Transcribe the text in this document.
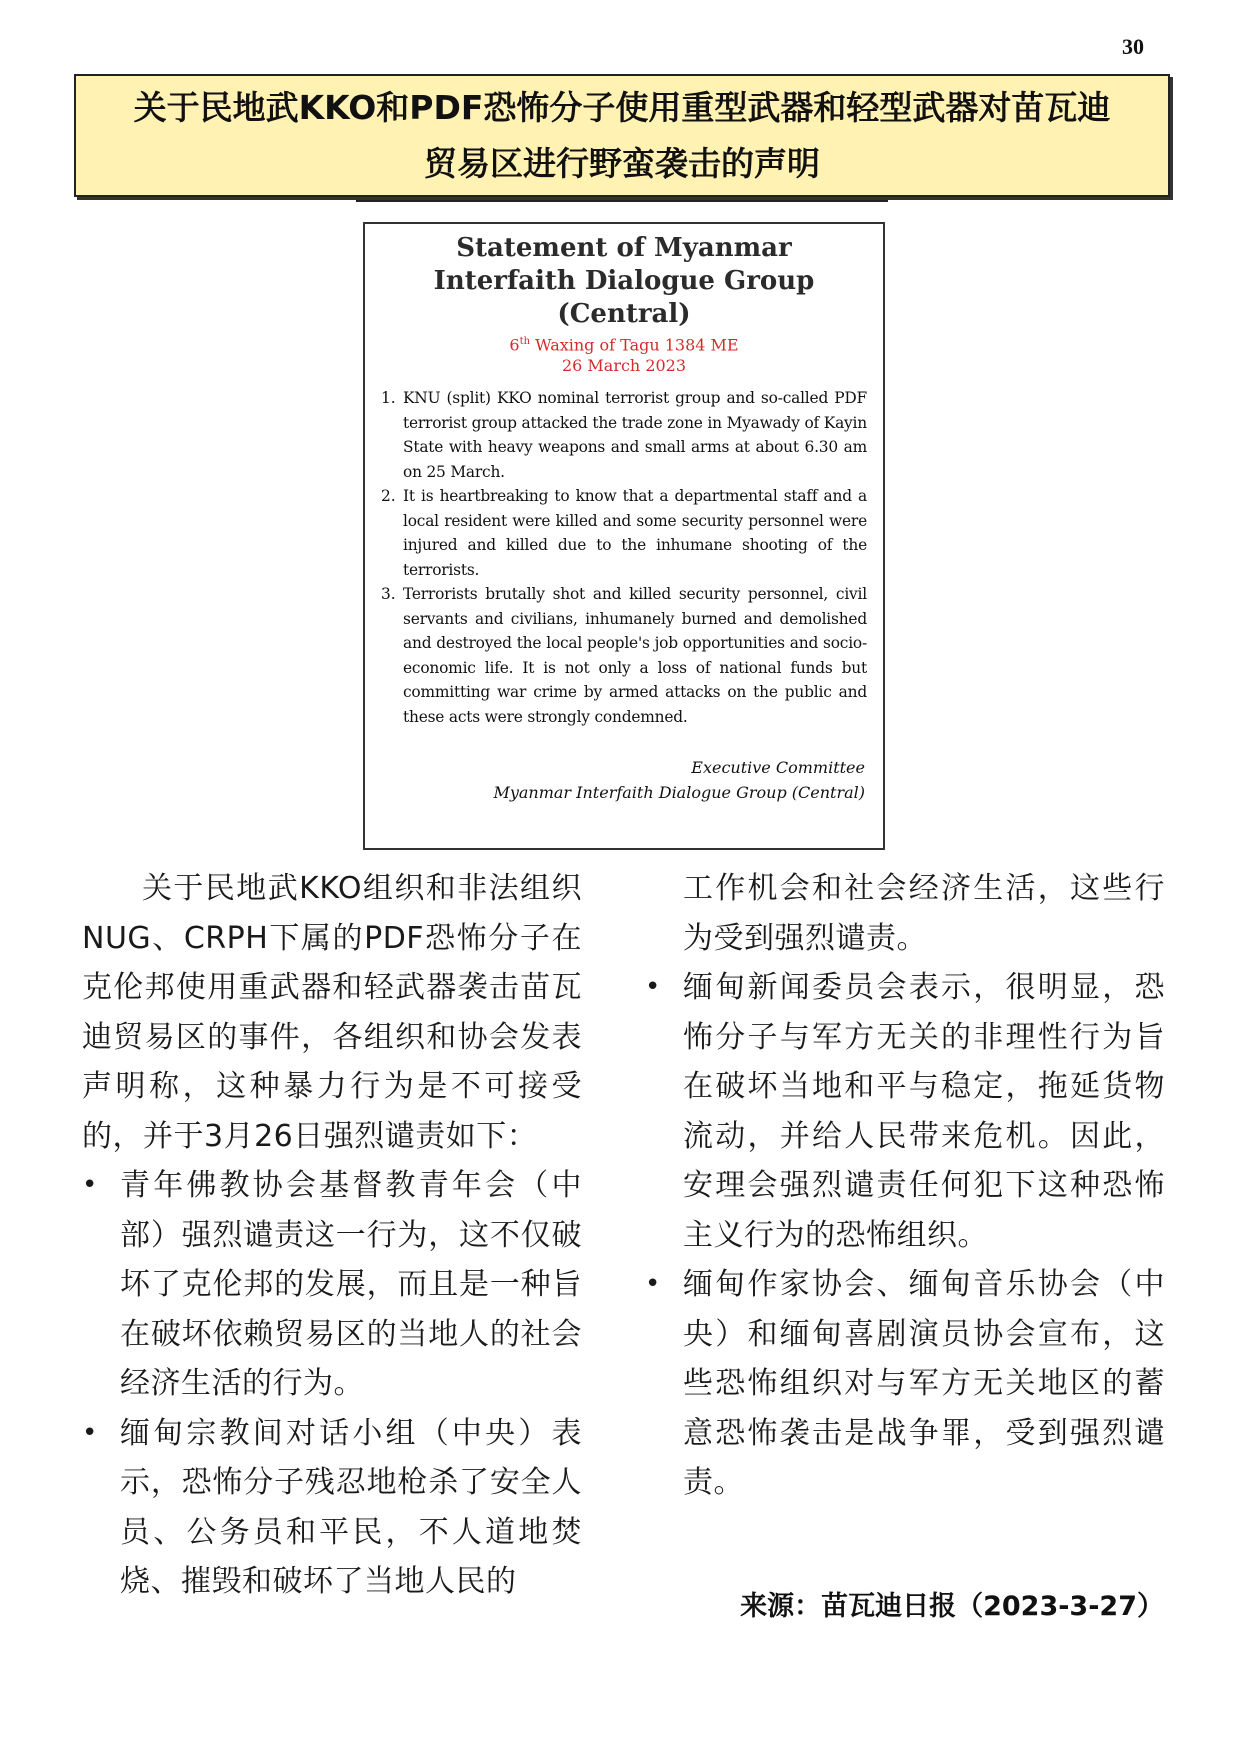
30
关于民地武KKO和PDF恐怖分子使用重型武器和轻型武器对苗瓦迪
贸易区进行野蛮袭击的声明
Statement of Myanmar
Interfaith Dialogue Group
(Central)
6th Waxing of Tagu 1384 ME
26 March 2023
1. KNU (split) KKO nominal terrorist group and so-called PDF terrorist group attacked the trade zone in Myawady of Kayin State with heavy weapons and small arms at about 6.30 am on 25 March.
2. It is heartbreaking to know that a departmental staff and a local resident were killed and some security personnel were injured and killed due to the inhumane shooting of the terrorists.
3. Terrorists brutally shot and killed security personnel, civil servants and civilians, inhumanely burned and demolished and destroyed the local people's job opportunities and socio-economic life. It is not only a loss of national funds but committing war crime by armed attacks on the public and these acts were strongly condemned.
Executive Committee
Myanmar Interfaith Dialogue Group (Central)

关于民地武KKO组织和非法组织NUG、CRPH下属的PDF恐怖分子在克伦邦使用重武器和轻武器袭击苗瓦迪贸易区的事件，各组织和协会发表声明称，这种暴力行为是不可接受的，并于3月26日强烈谴责如下：

• 青年佛教协会基督教青年会（中部）强烈谴责这一行为，这不仅破坏了克伦邦的发展，而且是一种旨在破坏依赖贸易区的当地人的社会经济生活的行为。
• 缅甸宗教间对话小组（中央）表示，恐怖分子残忍地枪杀了安全人员、公务员和平民，不人道地焚烧、摧毁和破坏了当地人民的
工作机会和社会经济生活，这些行为受到强烈谴责。
• 缅甸新闻委员会表示，很明显，恐怖分子与军方无关的非理性行为旨在破坏当地和平与稳定，拖延货物流动，并给人民带来危机。因此，安理会强烈谴责任何犯下这种恐怖主义行为的恐怖组织。
• 缅甸作家协会、缅甸音乐协会（中央）和缅甸喜剧演员协会宣布，这些恐怖组织对与军方无关地区的蓄意恐怖袭击是战争罪，受到强烈谴责。
来源：苗瓦迪日报（2023-3-27）
